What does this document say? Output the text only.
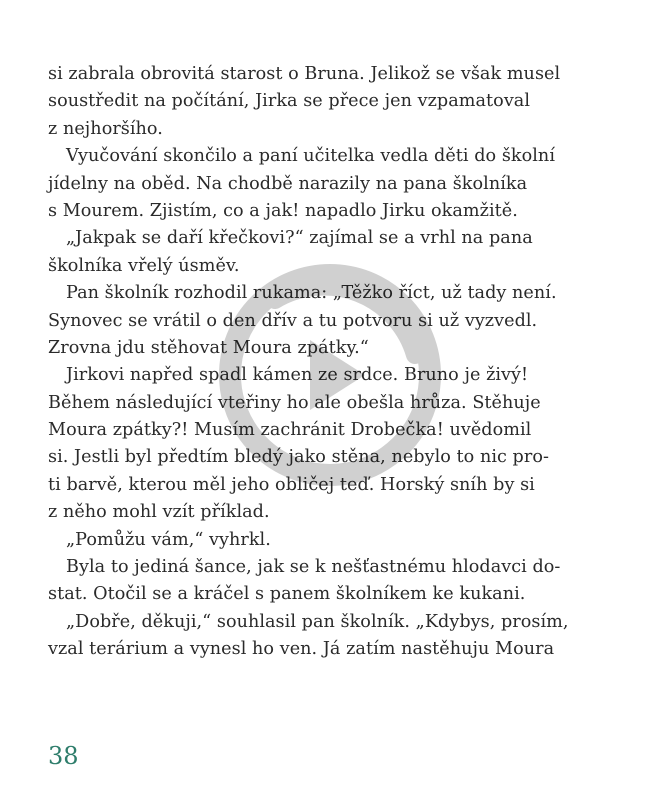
si zabrala obrovitá starost o Bruna. Jelikož se však musel
soustředit na počítání, Jirka se přece jen vzpamatoval
z nejhoršího.
Vyučování skončilo a paní učitelka vedla děti do školní
jídelny na oběd. Na chodbě narazily na pana školníka
s Mourem. Zjistím, co a jak! napadlo Jirku okamžitě.
„Jakpak se daří křečkovi?“ zajímal se a vrhl na pana
školníka vřelý úsměv.
Pan školník rozhodil rukama: „Těžko říct, už tady není.
Synovec se vrátil o den dřív a tu potvoru si už vyzvedl.
Zrovna jdu stěhovat Moura zpátky.“
Jirkovi napřed spadl kámen ze srdce. Bruno je živý!
Během následující vteřiny ho ale obešla hrůza. Stěhuje
Moura zpátky?! Musím zachránit Drobečka! uvědomil
si. Jestli byl předtím bledý jako stěna, nebylo to nic pro-
ti barvě, kterou měl jeho obličej teď. Horský sníh by si
z něho mohl vzít příklad.
„Pomůžu vám,“ vyhrkl.
Byla to jediná šance, jak se k nešťastnému hlodavci do-
stat. Otočil se a kráčel s panem školníkem ke kukani.
„Dobře, děkuji,“ souhlasil pan školník. „Kdybys, prosím,
vzal terárium a vynesl ho ven. Já zatím nastěhuju Moura
38
